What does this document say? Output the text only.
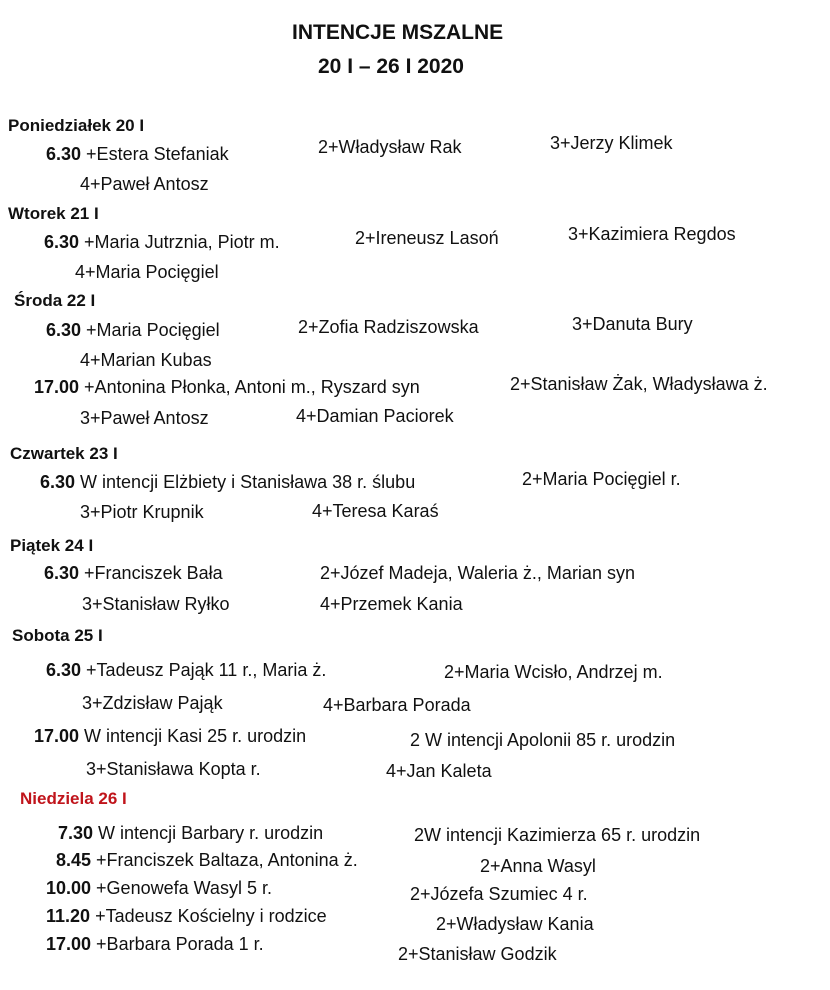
INTENCJE MSZALNE
20 I – 26 I 2020
Poniedziałek 20 I
6.30 +Estera Stefaniak	2+Władysław Rak	3+Jerzy Klimek
4+Paweł Antosz
Wtorek 21 I
6.30 +Maria Jutrznia, Piotr m.	2+Ireneusz Lasoń	3+Kazimiera Regdos
4+Maria Pocięgiel
Środa 22 I
6.30 +Maria Pocięgiel	2+Zofia Radziszowska	3+Danuta Bury
4+Marian Kubas
17.00 +Antonina Płonka, Antoni m., Ryszard syn	2+Stanisław Żak, Władysława ż.
3+Paweł Antosz	4+Damian Paciorek
Czwartek 23 I
6.30 W intencji Elżbiety i Stanisława 38 r. ślubu	2+Maria Pocięgiel r.
3+Piotr Krupnik	4+Teresa Karaś
Piątek 24 I
6.30 +Franciszek Bała	2+Józef Madeja, Waleria ż., Marian syn
3+Stanisław Ryłko	4+Przemek Kania
Sobota 25 I
6.30 +Tadeusz Pająk 11 r., Maria ż.	2+Maria Wcisło, Andrzej m.
3+Zdzisław Pająk	4+Barbara Porada
17.00 W intencji Kasi 25 r. urodzin	2 W intencji Apolonii 85 r. urodzin
3+Stanisława Kopta r.	4+Jan Kaleta
Niedziela 26 I
7.30 W intencji Barbary r. urodzin	2W intencji Kazimierza 65 r. urodzin
8.45 +Franciszek Baltaza, Antonina ż.	2+Anna Wasyl
10.00 +Genowefa Wasyl 5 r.	2+Józefa Szumiec 4 r.
11.20 +Tadeusz Kościelny i rodzice	2+Władysław Kania
17.00 +Barbara Porada 1 r.	2+Stanisław Godzik
